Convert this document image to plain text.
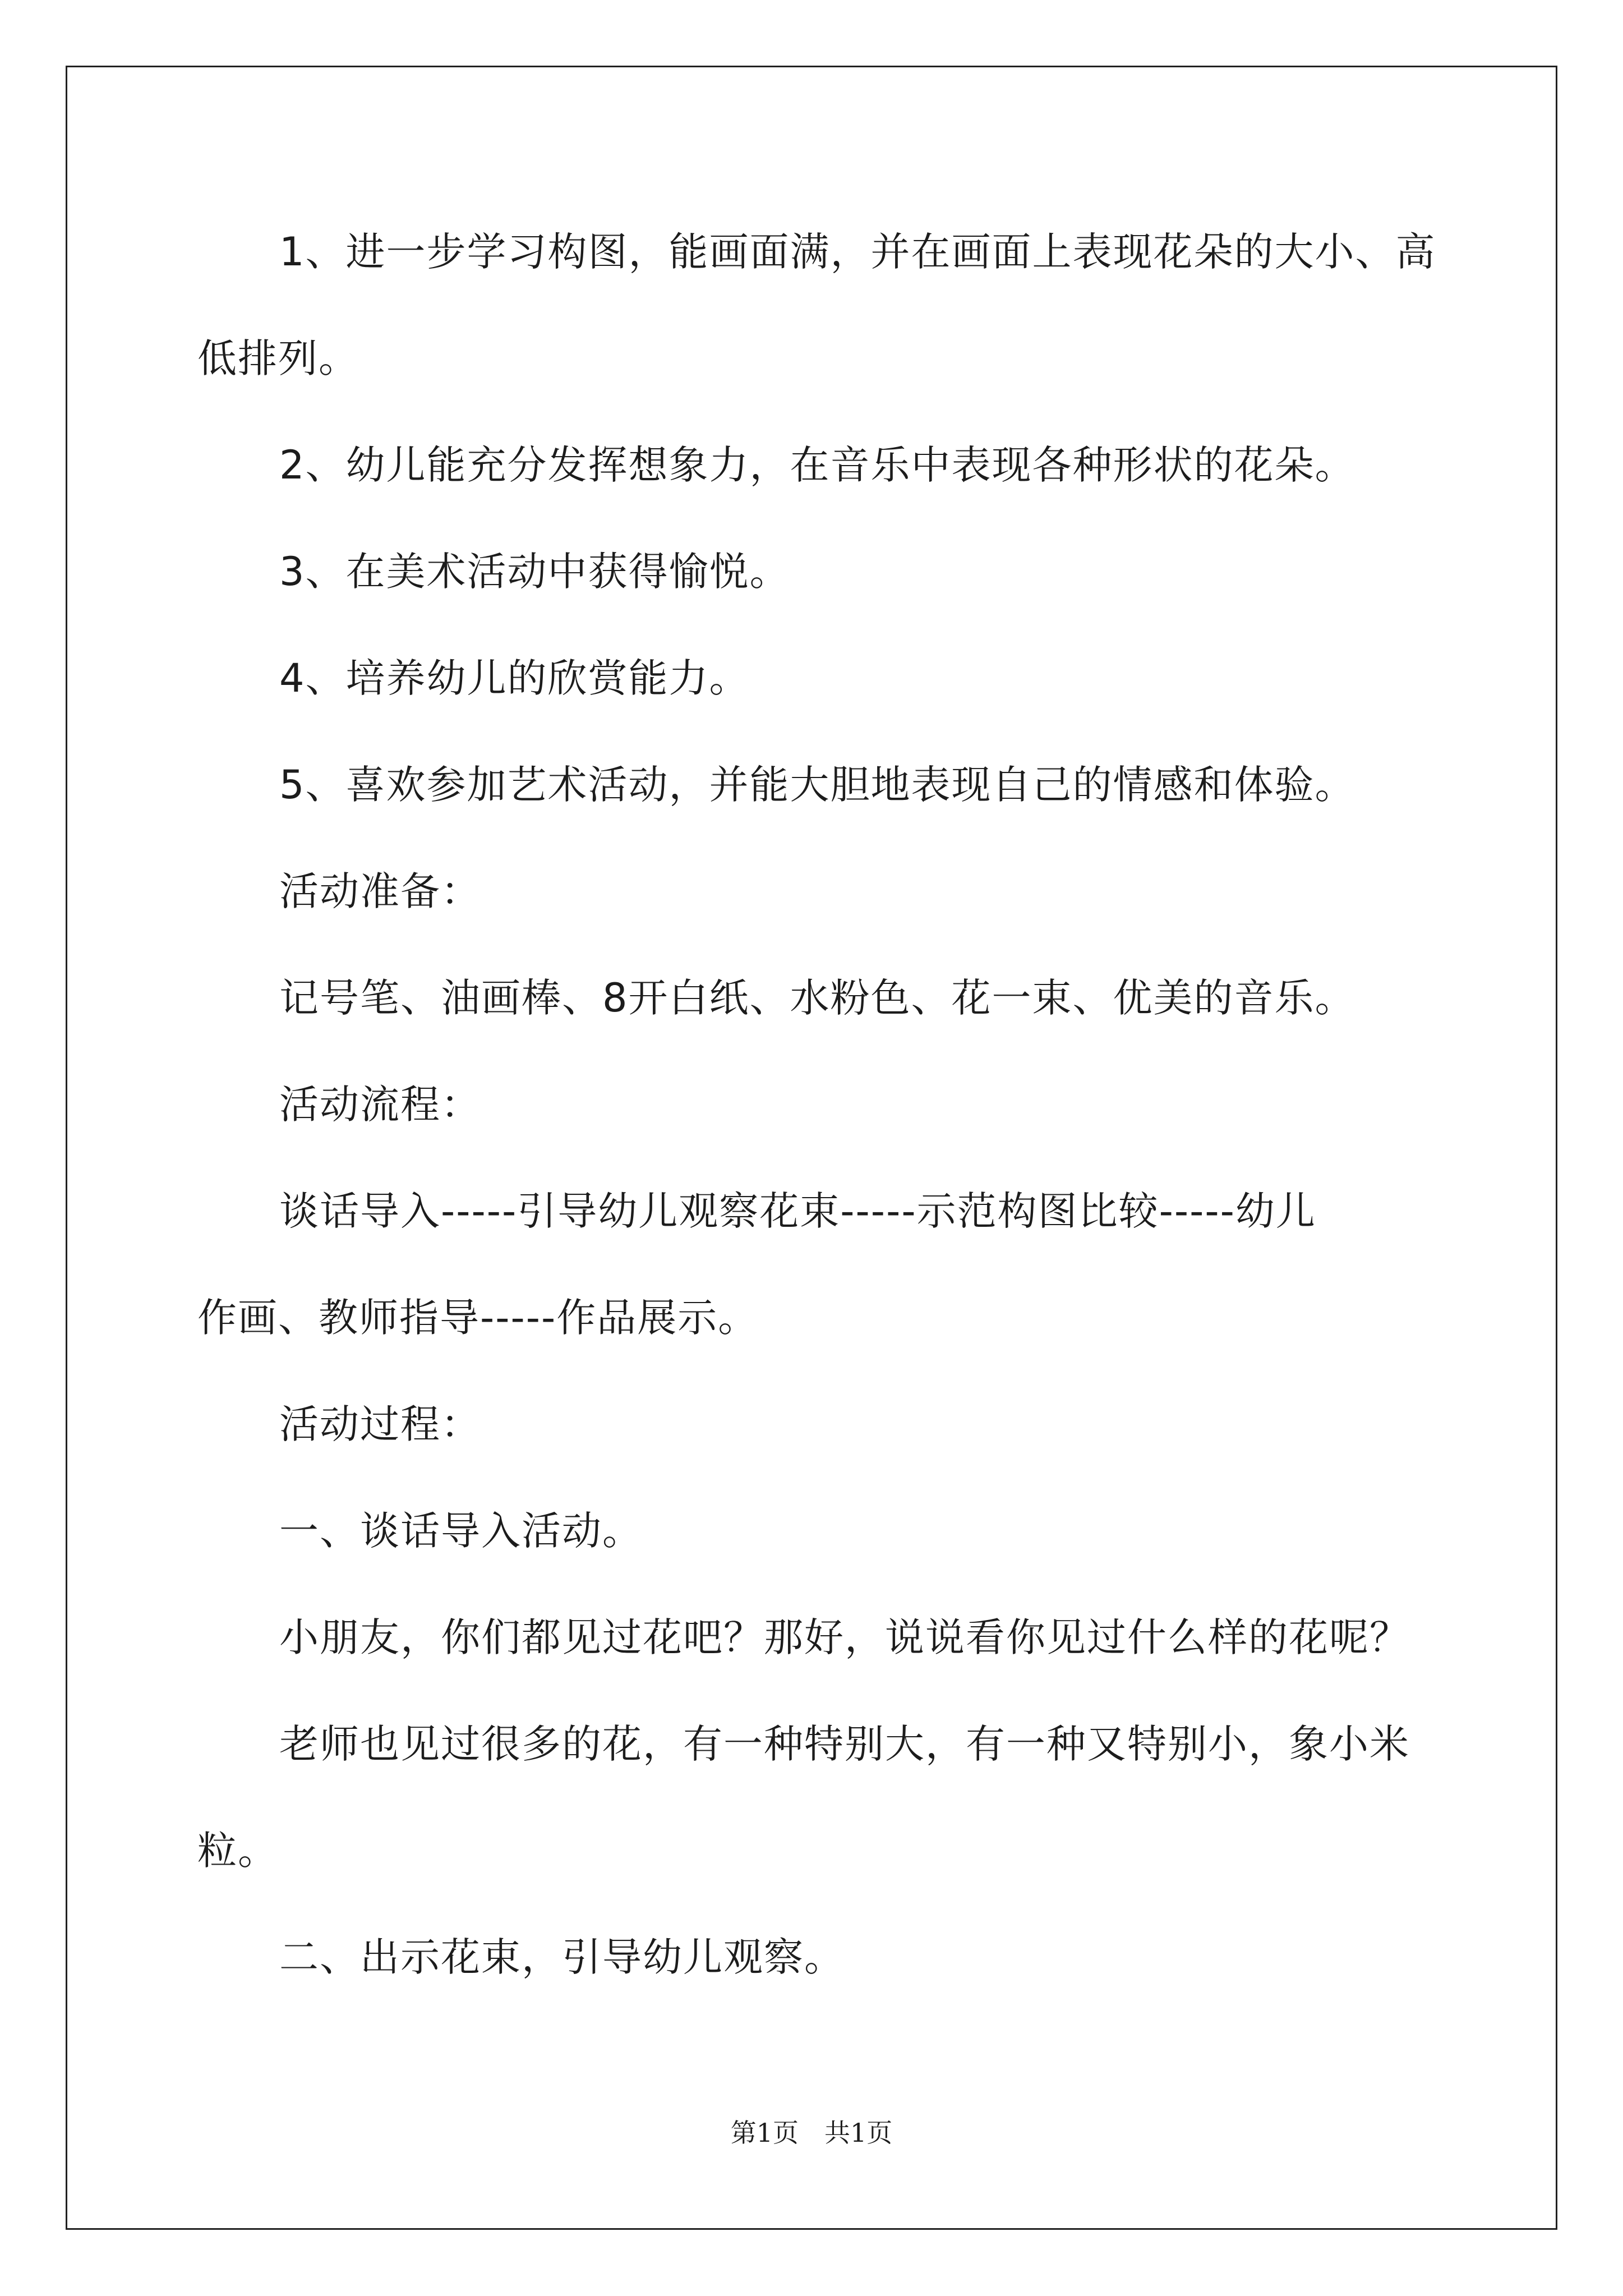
1、进一步学习构图，能画面满，并在画面上表现花朵的大小、高
低排列。
2、幼儿能充分发挥想象力，在音乐中表现各种形状的花朵。
3、在美术活动中获得愉悦。
4、培养幼儿的欣赏能力。
5、喜欢参加艺术活动，并能大胆地表现自己的情感和体验。
活动准备：
记号笔、油画棒、8开白纸、水粉色、花一束、优美的音乐。
活动流程：
谈话导入-----引导幼儿观察花束-----示范构图比较-----幼儿
作画、教师指导-----作品展示。
活动过程：
一、谈话导入活动。
小朋友，你们都见过花吧？那好，说说看你见过什么样的花呢？
老师也见过很多的花，有一种特别大，有一种又特别小，象小米
粒。
二、出示花束，引导幼儿观察。
第1页　共1页
